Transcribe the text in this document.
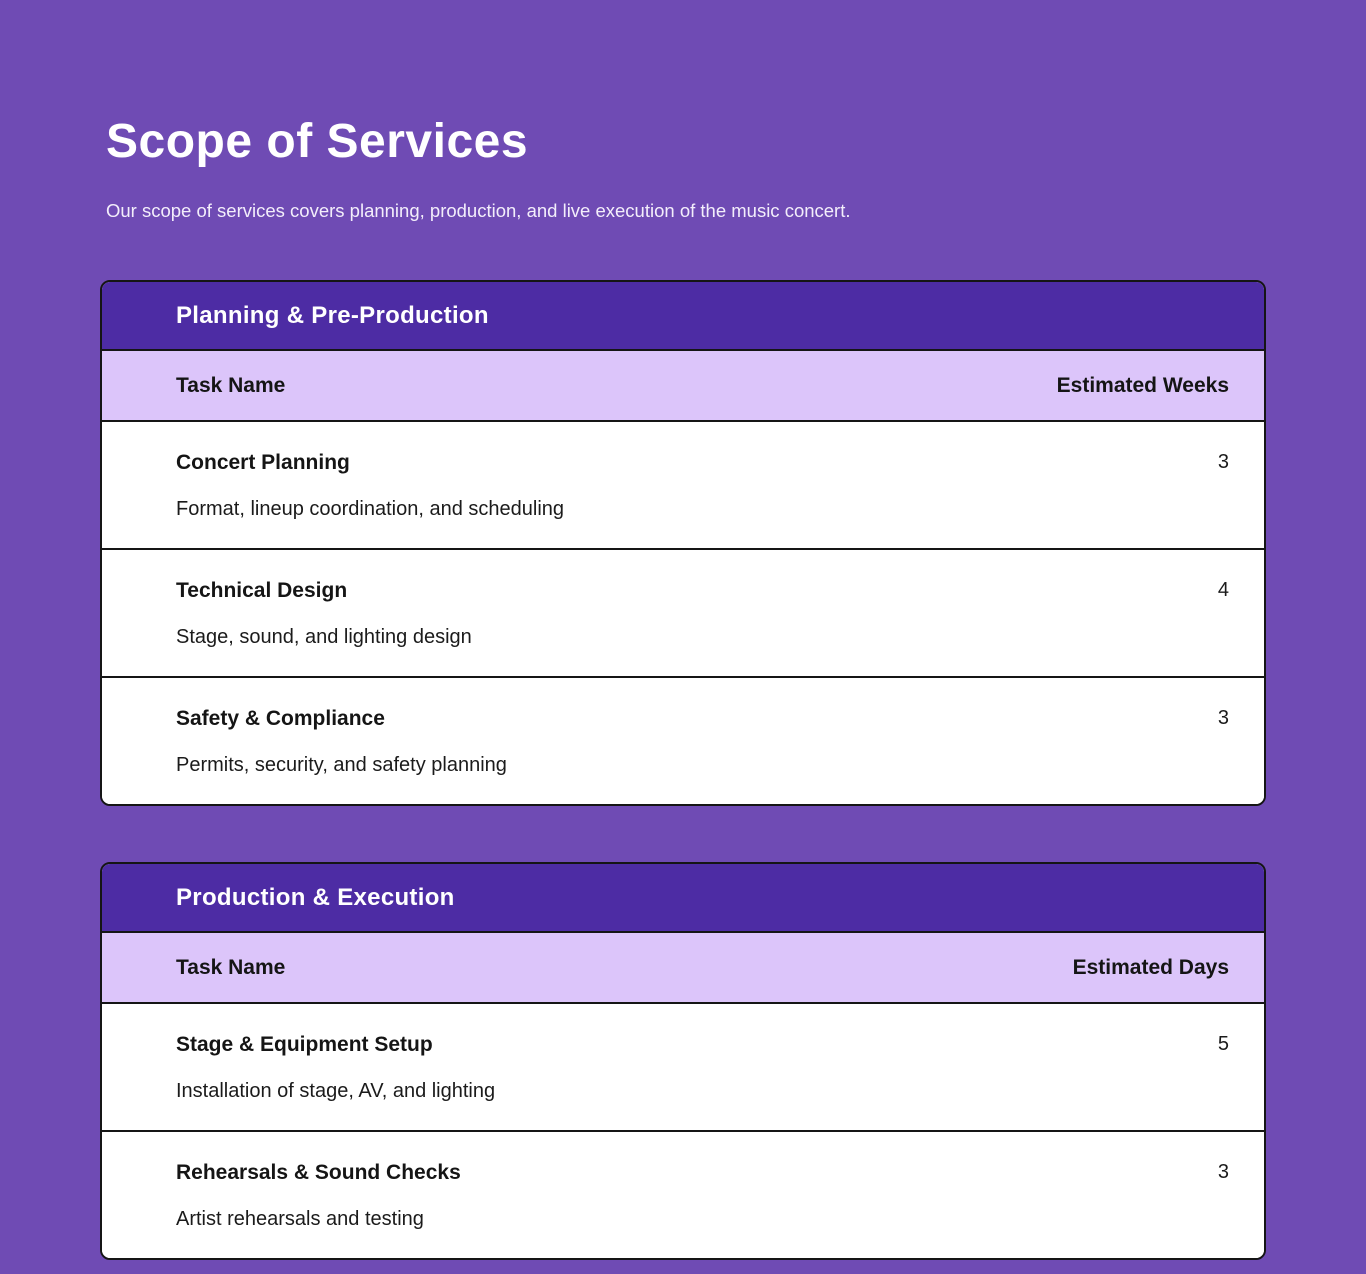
Scope of Services

Our scope of services covers planning, production, and live execution of the music concert.

Planning & Pre-Production
Task Name	Estimated Weeks
Concert Planning	3
Format, lineup coordination, and scheduling
Technical Design	4
Stage, sound, and lighting design
Safety & Compliance	3
Permits, security, and safety planning
Production & Execution
Task Name	Estimated Days
Stage & Equipment Setup	5
Installation of stage, AV, and lighting
Rehearsals & Sound Checks	3
Artist rehearsals and testing
